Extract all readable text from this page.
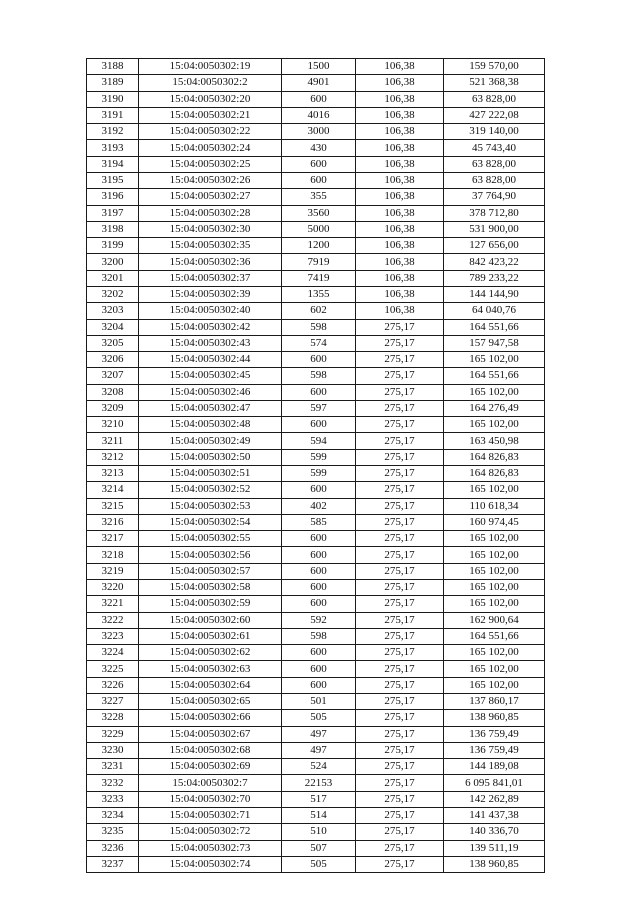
3188	15:04:0050302:19	1500	106,38	159 570,00
3189	15:04:0050302:2	4901	106,38	521 368,38
3190	15:04:0050302:20	600	106,38	63 828,00
3191	15:04:0050302:21	4016	106,38	427 222,08
3192	15:04:0050302:22	3000	106,38	319 140,00
3193	15:04:0050302:24	430	106,38	45 743,40
3194	15:04:0050302:25	600	106,38	63 828,00
3195	15:04:0050302:26	600	106,38	63 828,00
3196	15:04:0050302:27	355	106,38	37 764,90
3197	15:04:0050302:28	3560	106,38	378 712,80
3198	15:04:0050302:30	5000	106,38	531 900,00
3199	15:04:0050302:35	1200	106,38	127 656,00
3200	15:04:0050302:36	7919	106,38	842 423,22
3201	15:04:0050302:37	7419	106,38	789 233,22
3202	15:04:0050302:39	1355	106,38	144 144,90
3203	15:04:0050302:40	602	106,38	64 040,76
3204	15:04:0050302:42	598	275,17	164 551,66
3205	15:04:0050302:43	574	275,17	157 947,58
3206	15:04:0050302:44	600	275,17	165 102,00
3207	15:04:0050302:45	598	275,17	164 551,66
3208	15:04:0050302:46	600	275,17	165 102,00
3209	15:04:0050302:47	597	275,17	164 276,49
3210	15:04:0050302:48	600	275,17	165 102,00
3211	15:04:0050302:49	594	275,17	163 450,98
3212	15:04:0050302:50	599	275,17	164 826,83
3213	15:04:0050302:51	599	275,17	164 826,83
3214	15:04:0050302:52	600	275,17	165 102,00
3215	15:04:0050302:53	402	275,17	110 618,34
3216	15:04:0050302:54	585	275,17	160 974,45
3217	15:04:0050302:55	600	275,17	165 102,00
3218	15:04:0050302:56	600	275,17	165 102,00
3219	15:04:0050302:57	600	275,17	165 102,00
3220	15:04:0050302:58	600	275,17	165 102,00
3221	15:04:0050302:59	600	275,17	165 102,00
3222	15:04:0050302:60	592	275,17	162 900,64
3223	15:04:0050302:61	598	275,17	164 551,66
3224	15:04:0050302:62	600	275,17	165 102,00
3225	15:04:0050302:63	600	275,17	165 102,00
3226	15:04:0050302:64	600	275,17	165 102,00
3227	15:04:0050302:65	501	275,17	137 860,17
3228	15:04:0050302:66	505	275,17	138 960,85
3229	15:04:0050302:67	497	275,17	136 759,49
3230	15:04:0050302:68	497	275,17	136 759,49
3231	15:04:0050302:69	524	275,17	144 189,08
3232	15:04:0050302:7	22153	275,17	6 095 841,01
3233	15:04:0050302:70	517	275,17	142 262,89
3234	15:04:0050302:71	514	275,17	141 437,38
3235	15:04:0050302:72	510	275,17	140 336,70
3236	15:04:0050302:73	507	275,17	139 511,19
3237	15:04:0050302:74	505	275,17	138 960,85
